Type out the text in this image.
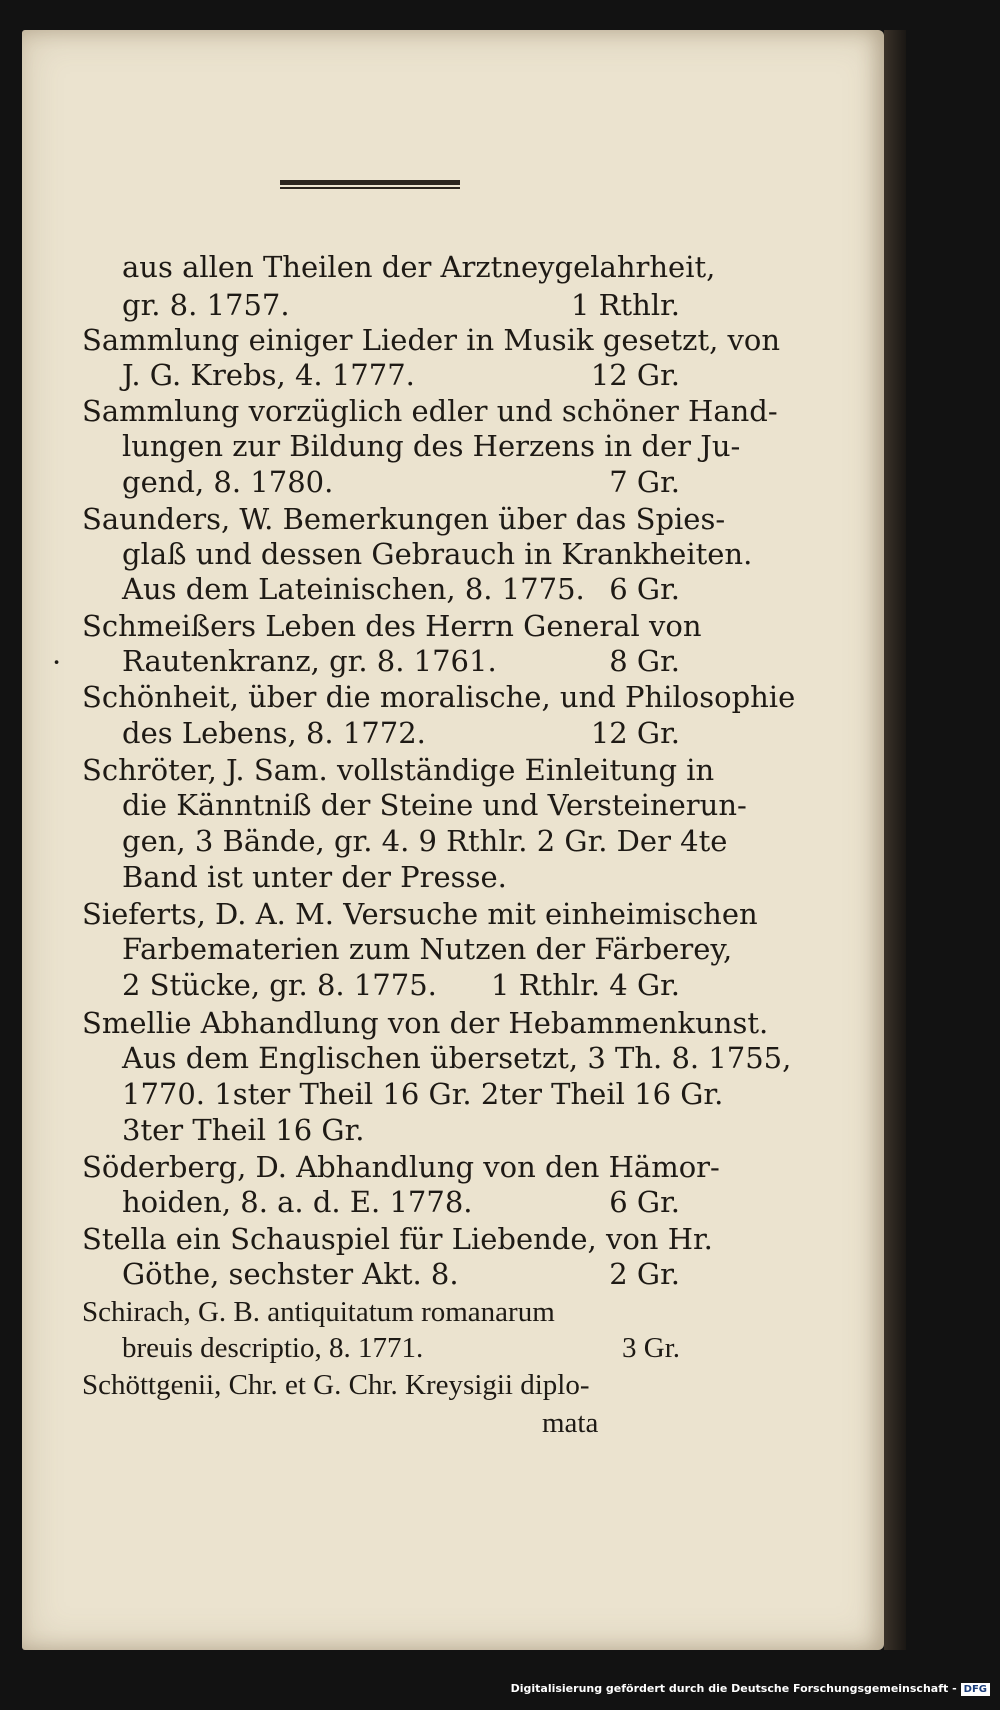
·
aus allen Theilen der Arztneygelahrheit,
gr. 8. 1757.	1 Rthlr.
Sammlung einiger Lieder in Musik gesetzt, von
J. G. Krebs, 4. 1777.	12 Gr.
Sammlung vorzüglich edler und schöner Hand-
lungen zur Bildung des Herzens in der Ju-
gend, 8. 1780.	7 Gr.
Saunders, W. Bemerkungen über das Spies-
glaß und dessen Gebrauch in Krankheiten.
Aus dem Lateinischen, 8. 1775. 6 Gr.
Schmeißers Leben des Herrn General von
Rautenkranz, gr. 8. 1761.	8 Gr.
Schönheit, über die moralische, und Philosophie
des Lebens, 8. 1772.	12 Gr.
Schröter, J. Sam. vollständige Einleitung in
die Känntniß der Steine und Versteinerun-
gen, 3 Bände, gr. 4. 9 Rthlr. 2 Gr. Der 4te
Band ist unter der Presse.
Sieferts, D. A. M. Versuche mit einheimischen
Farbematerien zum Nutzen der Färberey,
2 Stücke, gr. 8. 1775. 1 Rthlr. 4 Gr.
Smellie Abhandlung von der Hebammenkunst.
Aus dem Englischen übersetzt, 3 Th. 8. 1755,
1770. 1ster Theil 16 Gr. 2ter Theil 16 Gr.
3ter Theil 16 Gr.
Söderberg, D. Abhandlung von den Hämor-
hoiden, 8. a. d. E. 1778.	6 Gr.
Stella ein Schauspiel für Liebende, von Hr.
Göthe, sechster Akt. 8.	2 Gr.
Schirach, G. B. antiquitatum romanarum
breuis descriptio, 8. 1771.	3 Gr.
Schöttgenii, Chr. et G. Chr. Kreysigii diplo-
mata
Digitalisierung gefördert durch die Deutsche Forschungsgemeinschaft - DFG
